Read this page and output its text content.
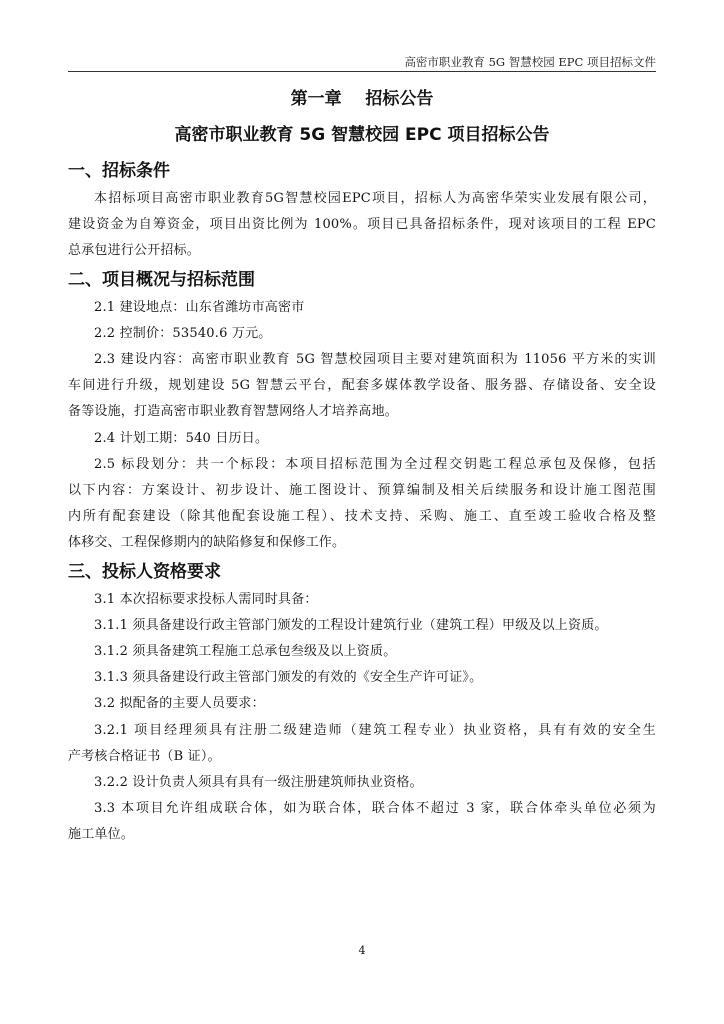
高密市职业教育 5G 智慧校园 EPC 项目招标文件
第一章    招标公告
高密市职业教育 5G 智慧校园 EPC 项目招标公告
一、招标条件
本招标项目高密市职业教育5G智慧校园EPC项目，招标人为高密华荣实业发展有限公司，
建设资金为自筹资金，项目出资比例为 100%。项目已具备招标条件，现对该项目的工程 EPC
总承包进行公开招标。
二、项目概况与招标范围
2.1 建设地点：山东省潍坊市高密市
2.2 控制价：53540.6 万元。
2.3 建设内容：高密市职业教育 5G 智慧校园项目主要对建筑面积为 11056 平方米的实训
车间进行升级，规划建设 5G 智慧云平台，配套多媒体教学设备、服务器、存储设备、安全设
备等设施，打造高密市职业教育智慧网络人才培养高地。
2.4 计划工期：540 日历日。
2.5 标段划分：共一个标段：本项目招标范围为全过程交钥匙工程总承包及保修，包括
以下内容：方案设计、初步设计、施工图设计、预算编制及相关后续服务和设计施工图范围
内所有配套建设（除其他配套设施工程）、技术支持、采购、施工、直至竣工验收合格及整
体移交、工程保修期内的缺陷修复和保修工作。
三、投标人资格要求
3.1 本次招标要求投标人需同时具备：
3.1.1 须具备建设行政主管部门颁发的工程设计建筑行业（建筑工程）甲级及以上资质。
3.1.2 须具备建筑工程施工总承包叁级及以上资质。
3.1.3 须具备建设行政主管部门颁发的有效的《安全生产许可证》。
3.2 拟配备的主要人员要求：
3.2.1 项目经理须具有注册二级建造师（建筑工程专业）执业资格，具有有效的安全生
产考核合格证书（B 证）。
3.2.2 设计负责人须具有具有一级注册建筑师执业资格。
3.3 本项目允许组成联合体，如为联合体，联合体不超过 3 家，联合体牵头单位必须为
施工单位。
4
